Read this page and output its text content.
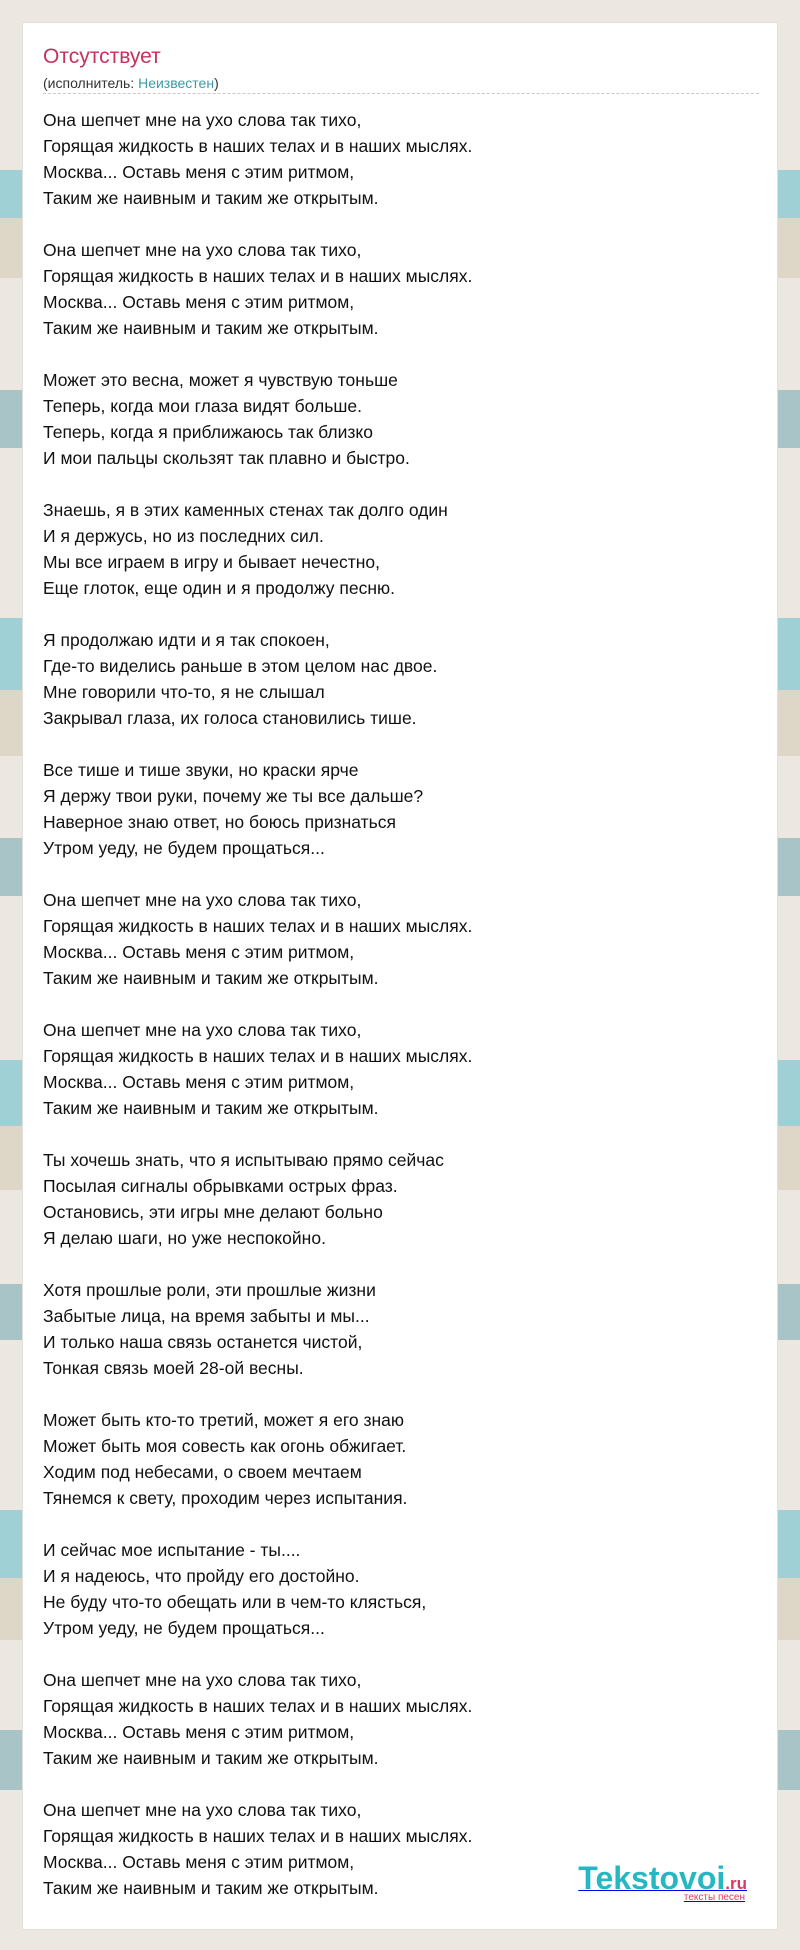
Отсутствует
(исполнитель: Неизвестен)
Она шепчет мне на ухо слова так тихо,
Горящая жидкость в наших телах и в наших мыслях.
Москва... Оставь меня с этим ритмом,
Таким же наивным и таким же открытым.
Она шепчет мне на ухо слова так тихо,
Горящая жидкость в наших телах и в наших мыслях.
Москва... Оставь меня с этим ритмом,
Таким же наивным и таким же открытым.
Может это весна, может я чувствую тоньше
Теперь, когда мои глаза видят больше.
Теперь, когда я приближаюсь так близко
И мои пальцы скользят так плавно и быстро.
Знаешь, я в этих каменных стенах так долго один
И я держусь, но из последних сил.
Мы все играем в игру и бывает нечестно,
Еще глоток, еще один и я продолжу песню.
Я продолжаю идти и я так спокоен,
Где-то виделись раньше в этом целом нас двое.
Мне говорили что-то, я не слышал
Закрывал глаза, их голоса становились тише.
Все тише и тише звуки, но краски ярче
Я держу твои руки, почему же ты все дальше?
Наверное знаю ответ, но боюсь признаться
Утром уеду, не будем прощаться...
Она шепчет мне на ухо слова так тихо,
Горящая жидкость в наших телах и в наших мыслях.
Москва... Оставь меня с этим ритмом,
Таким же наивным и таким же открытым.
Она шепчет мне на ухо слова так тихо,
Горящая жидкость в наших телах и в наших мыслях.
Москва... Оставь меня с этим ритмом,
Таким же наивным и таким же открытым.
Ты хочешь знать, что я испытываю прямо сейчас
Посылая сигналы обрывками острых фраз.
Остановись, эти игры мне делают больно
Я делаю шаги, но уже неспокойно.
Хотя прошлые роли, эти прошлые жизни
Забытые лица, на время забыты и мы...
И только наша связь останется чистой,
Тонкая связь моей 28-ой весны.
Может быть кто-то третий, может я его знаю
Может быть моя совесть как огонь обжигает.
Ходим под небесами, о своем мечтаем
Тянемся к свету, проходим через испытания.
И сейчас мое испытание - ты....
И я надеюсь, что пройду его достойно.
Не буду что-то обещать или в чем-то клясться,
Утром уеду, не будем прощаться...
Она шепчет мне на ухо слова так тихо,
Горящая жидкость в наших телах и в наших мыслях.
Москва... Оставь меня с этим ритмом,
Таким же наивным и таким же открытым.
Она шепчет мне на ухо слова так тихо,
Горящая жидкость в наших телах и в наших мыслях.
Москва... Оставь меня с этим ритмом,
Таким же наивным и таким же открытым.	Tekstovoi.ru
тексты песен
